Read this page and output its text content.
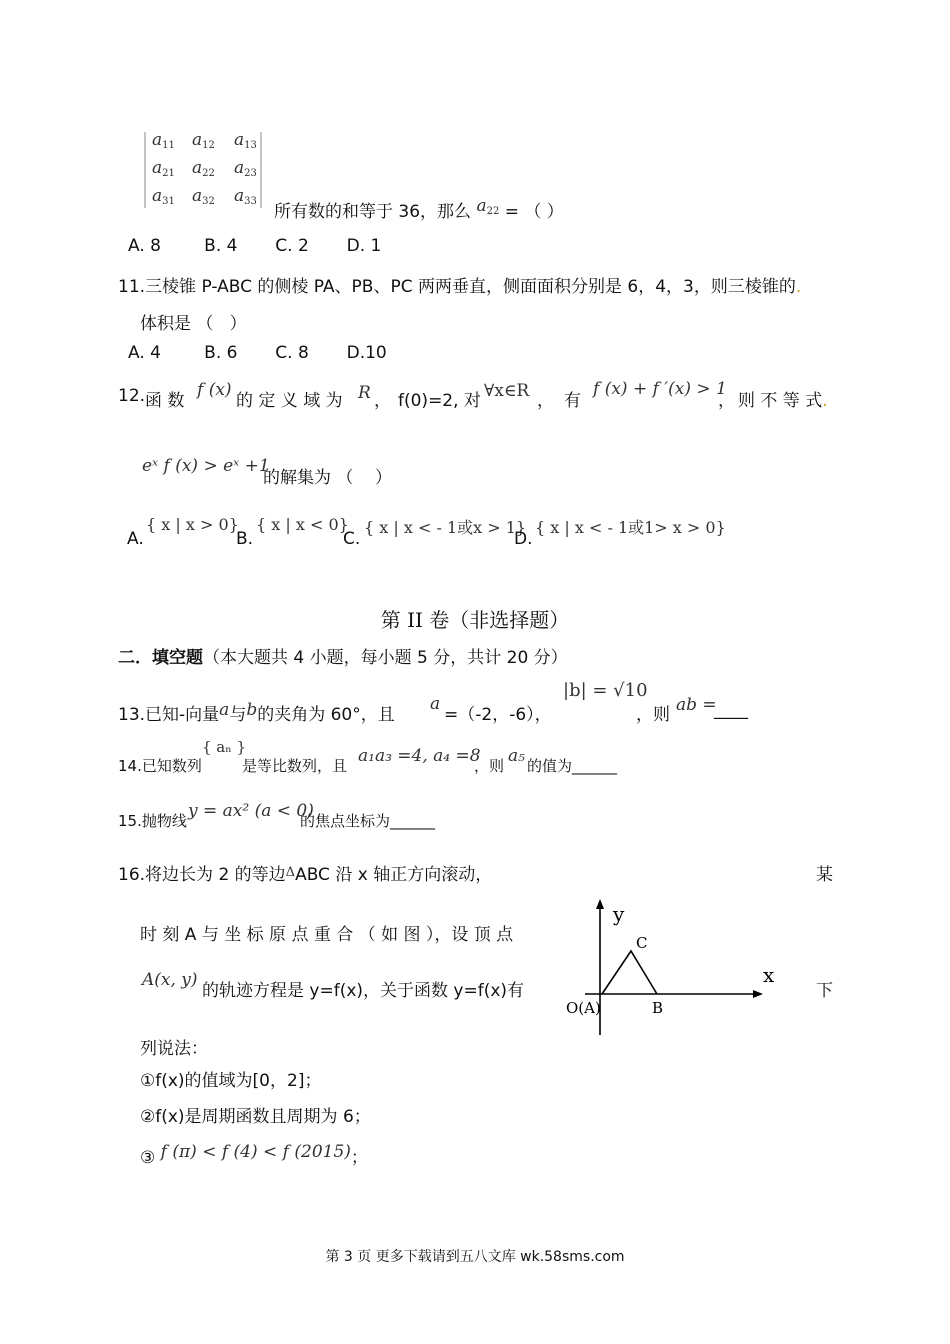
$a_{11}$ $a_{12}$ $a_{13}$
$a_{21}$ $a_{22}$ $a_{23}$
$a_{31}$ $a_{32}$ $a_{33}$
所有数的和等于 36，那么 $a_{22}$ = （ ）
A. 8        B. 4       C. 2       D. 1
11.三棱锥 P-ABC 的侧棱 PA、PB、PC 两两垂直，侧面面积分别是 6，4，3，则三棱锥的.
体积是 （   ）
A. 4        B. 6       C. 8       D.10
12. 函 数
f (x)
的 定 义 域 为 R ， f(0)=2, 对 ∀x∈R ， 有
f (x) + f ′(x) > 1
， 则 不 等 式.
eˣ f (x) > eˣ +1
的解集为 （    ）
A.
{ x | x > 0}
B.
{ x | x < 0}
C.
{ x | x < - 1或x > 1}
D.
{ x | x < - 1或1> x > 0}
第 II 卷（非选择题）
二．填空题（本大题共 4 小题，每小题 5 分，共计 20 分）
13.已知-向量a与b的夹角为 60°，且
a
=（-2，-6），
|b| = √10
，则 ab =
____
14.已知数列
{ aₙ }
是等比数列，且 a₁a₃ =4, a₄ =8
，则 a₅ 的值为______
15.抛物线 y = ax² (a < 0)
的焦点坐标为______
16.将边长为 2 的等边$^\Delta$ABC 沿 x 轴正方向滚动，	某
时 刻 A 与 坐 标 原 点 重 合 （ 如 图 ），设 顶 点
A(x, y)
的轨迹方程是 y=f(x)，关于函数 y=f(x)有	下
列说法：
①f(x)的值域为[0，2]；
②f(x)是周期函数且周期为 6；
③ f (π) < f (4) < f (2015)；
y
x
C
O(A)	B
第 3 页 更多下载请到五八文库 wk.58sms.com
